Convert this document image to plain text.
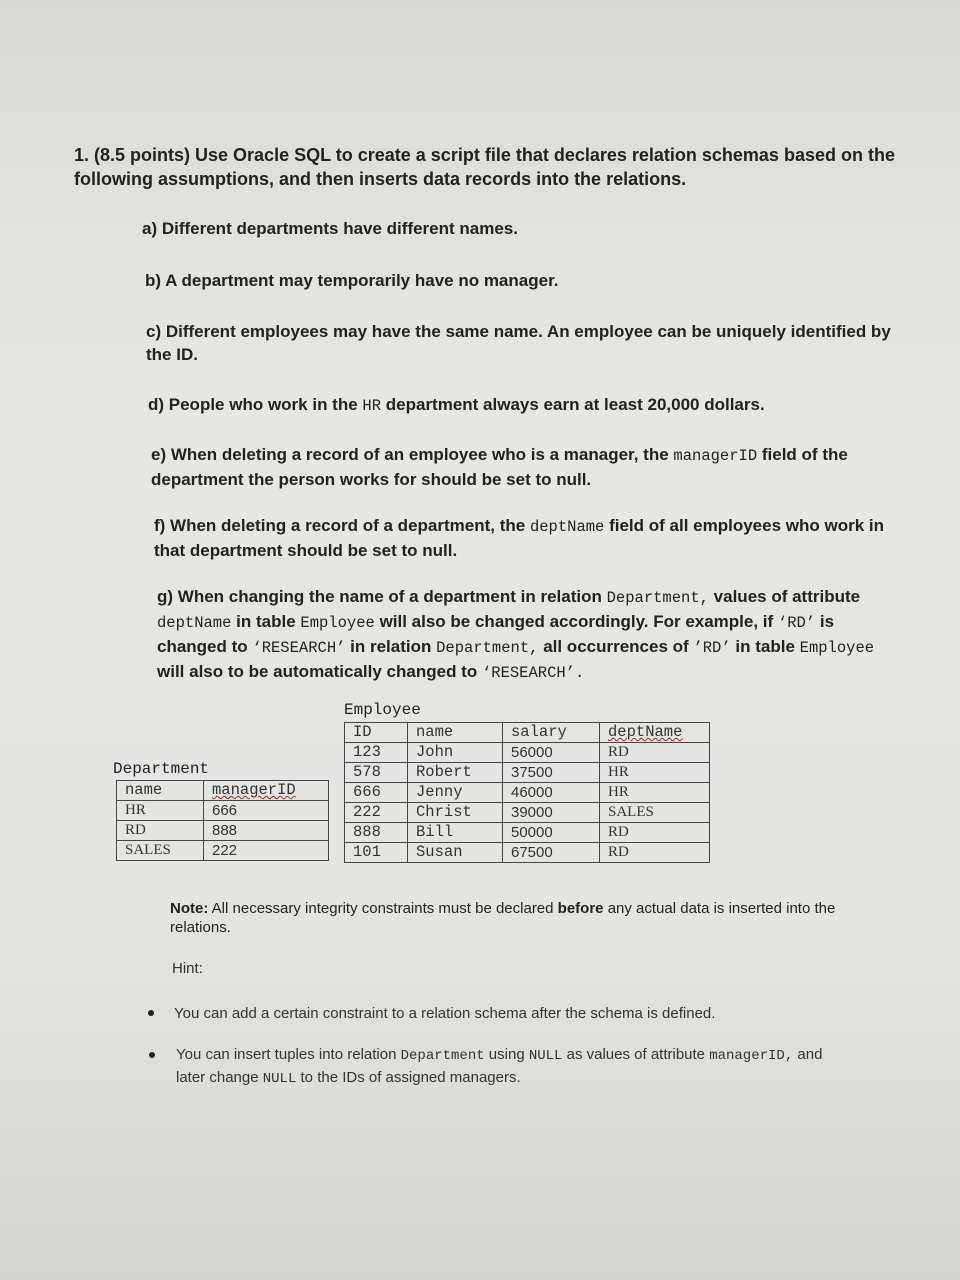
1. (8.5 points) Use Oracle SQL to create a script file that declares relation schemas based on the following assumptions, and then inserts data records into the relations.
a) Different departments have different names.
b) A department may temporarily have no manager.
c) Different employees may have the same name. An employee can be uniquely identified by the ID.
d) People who work in the HR department always earn at least 20,000 dollars.
e) When deleting a record of an employee who is a manager, the managerID field of the department the person works for should be set to null.
f) When deleting a record of a department, the deptName field of all employees who work in that department should be set to null.
g) When changing the name of a department in relation Department, values of attribute deptName in table Employee will also be changed accordingly. For example, if ‘RD’ is changed to ‘RESEARCH’ in relation Department, all occurrences of ’RD’ in table Employee will also to be automatically changed to ‘RESEARCH’.
Employee
ID	name	salary	deptName
123	John	56000	RD
578	Robert	37500	HR
666	Jenny	46000	HR
222	Christ	39000	SALES
888	Bill	50000	RD
101	Susan	67500	RD
Department
name	managerID
HR	666
RD	888
SALES	222
Note: All necessary integrity constraints must be declared before any actual data is inserted into the relations.
Hint:
You can add a certain constraint to a relation schema after the schema is defined.
You can insert tuples into relation Department using NULL as values of attribute managerID, and later change NULL to the IDs of assigned managers.
